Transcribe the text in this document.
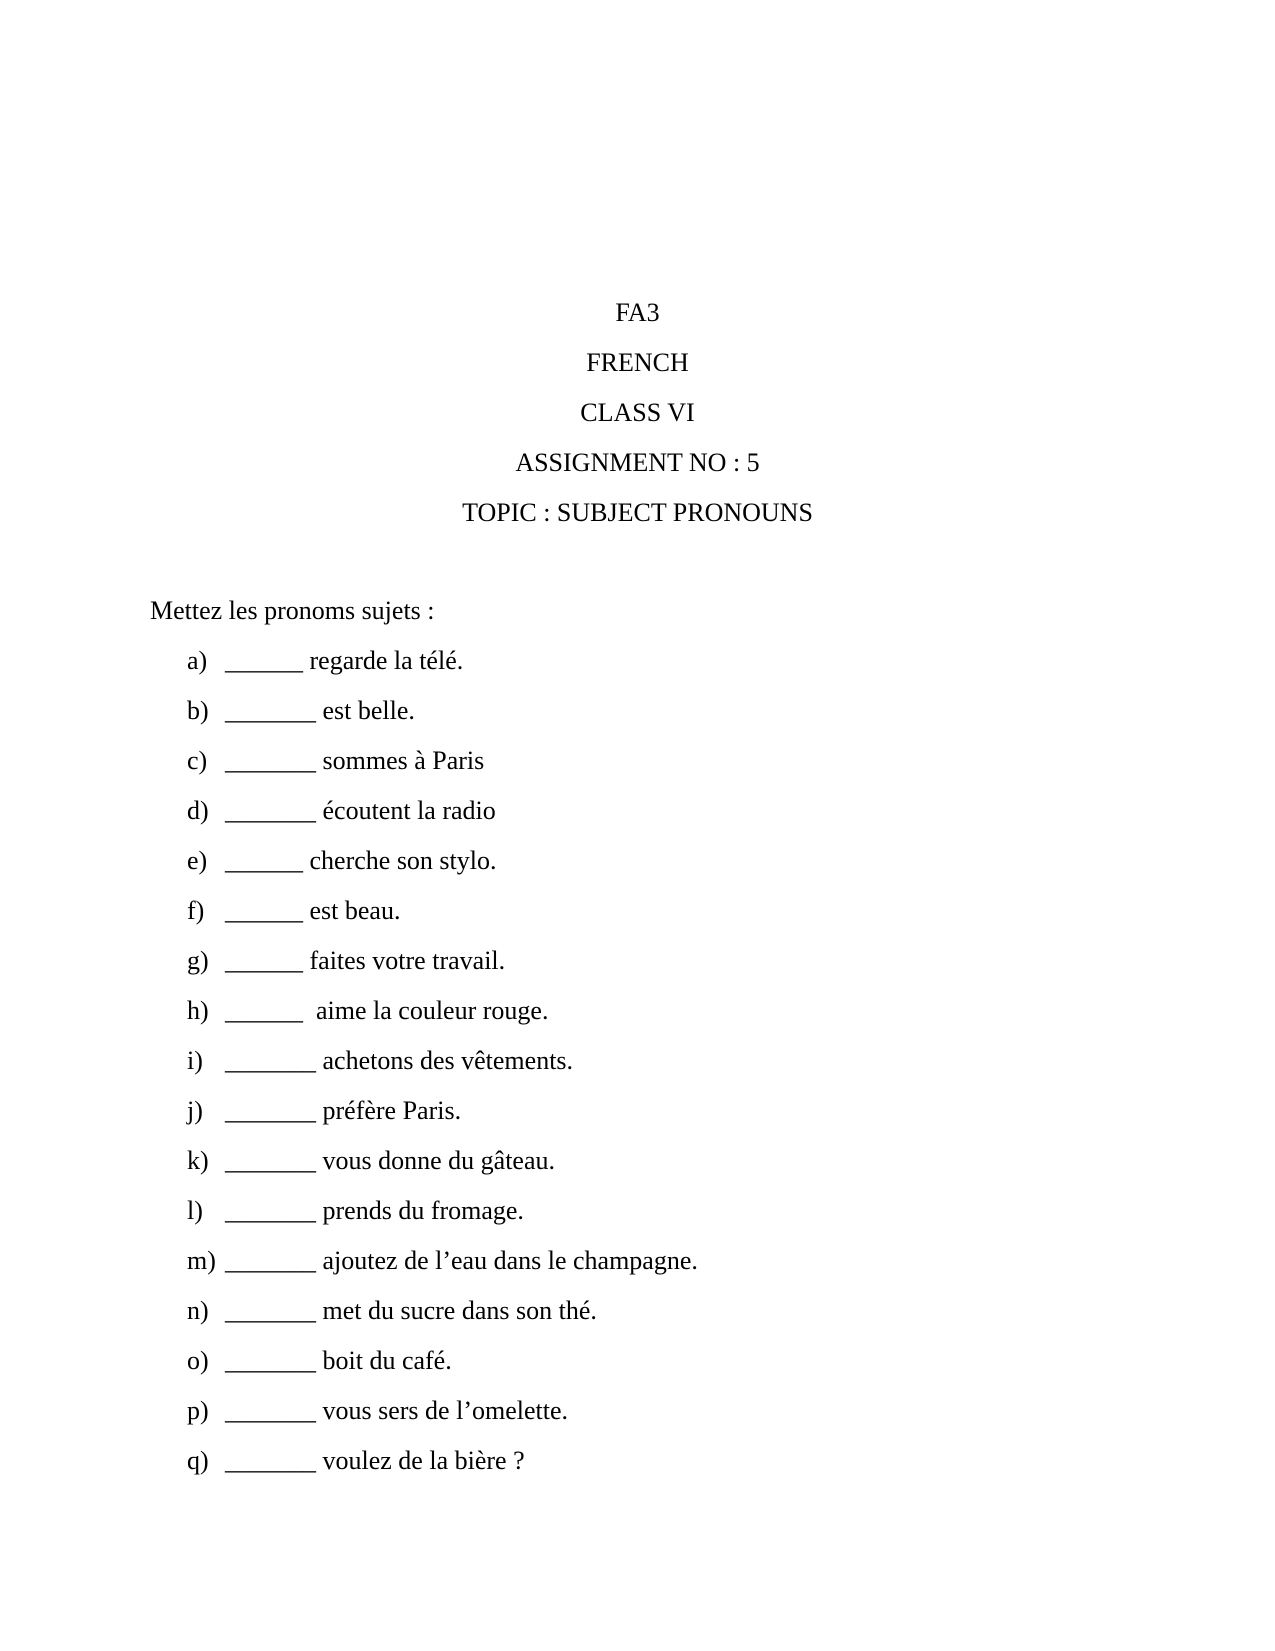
FA3
FRENCH
CLASS VI
ASSIGNMENT NO : 5
TOPIC : SUBJECT PRONOUNS
Mettez les pronoms sujets :
a) ______ regarde la télé.
b) _______ est belle.
c) _______ sommes à Paris
d) _______ écoutent la radio
e) ______ cherche son stylo.
f) ______ est beau.
g) ______ faites votre travail.
h) ______  aime la couleur rouge.
i) _______ achetons des vêtements.
j) _______ préfère Paris.
k) _______ vous donne du gâteau.
l) _______ prends du fromage.
m) _______ ajoutez de l’eau dans le champagne.
n) _______ met du sucre dans son thé.
o) _______ boit du café.
p) _______ vous sers de l’omelette.
q) _______ voulez de la bière ?
